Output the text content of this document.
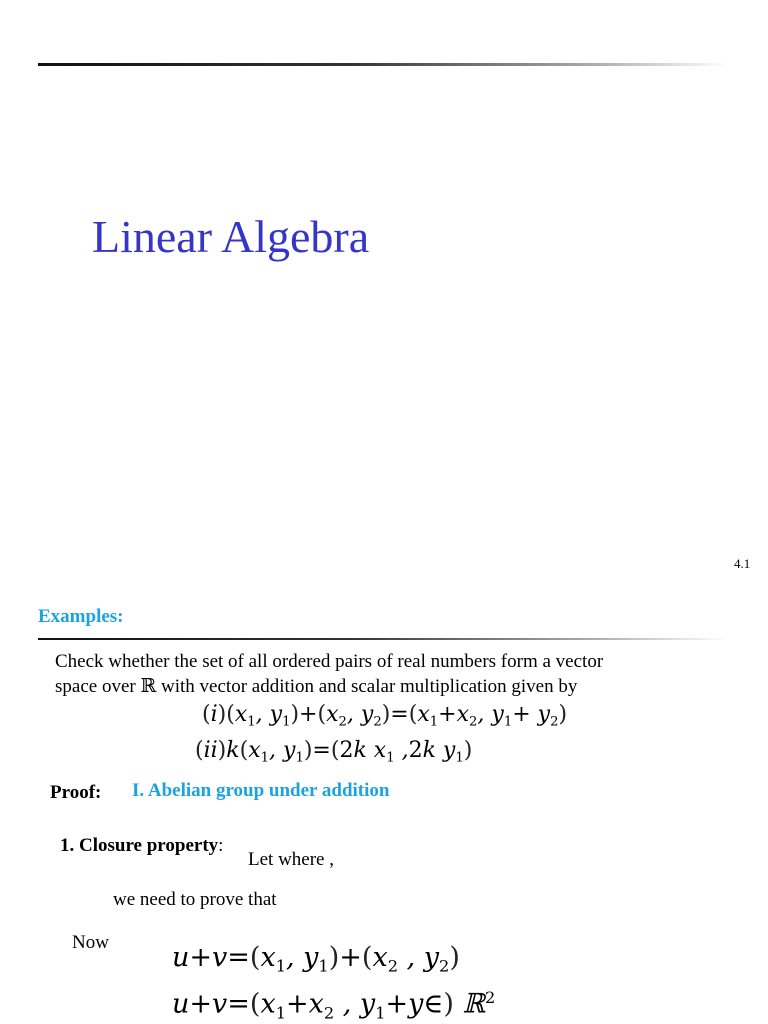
Linear Algebra
4.1
Examples:
Check whether the set of all ordered pairs of real numbers form a vector
space over ℝ with vector addition and scalar multiplication given by
$(i)(x_1$, $y_1)+(x_2$, $y_2)=(x_1+x_2$, $y_1+ y_2$)
$(ii)k(x_1$, $y_1)=(2k$ $x_1$ ,2k $y_1$)
Proof: I. Abelian group under addition
1. Closure property:
Let where ,
we need to prove that
Now $u+v=(x_1$, $y_1)+(x_2$ , $y_2$)
$u+v=(x_1+x_2$ , $y_1+y\in$) ℝ$^2$
